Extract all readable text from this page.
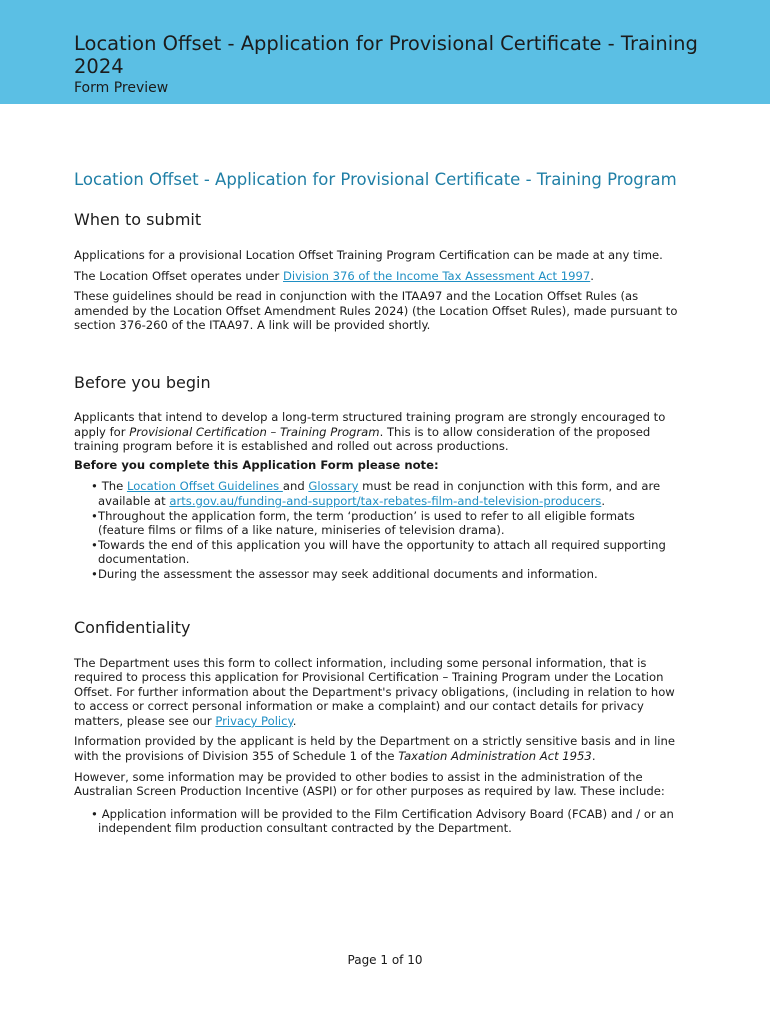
Location Offset - Application for Provisional Certificate - Training 2024
Form Preview
Location Offset - Application for Provisional Certificate - Training Program
When to submit

Applications for a provisional Location Offset Training Program Certification can be made at any time.

The Location Offset operates under Division 376 of the Income Tax Assessment Act 1997.

These guidelines should be read in conjunction with the ITAA97 and the Location Offset Rules (as amended by the Location Offset Amendment Rules 2024) (the Location Offset Rules), made pursuant to section 376-260 of the ITAA97. A link will be provided shortly.

Before you begin

Applicants that intend to develop a long-term structured training program are strongly encouraged to apply for Provisional Certification – Training Program. This is to allow consideration of the proposed training program before it is established and rolled out across productions.

Before you complete this Application Form please note:

• The Location Offset Guidelines and Glossary must be read in conjunction with this form, and are available at arts.gov.au/funding-and-support/tax-rebates-film-and-television-producers.
•Throughout the application form, the term ‘production’ is used to refer to all eligible formats (feature films or films of a like nature, miniseries of television drama).
•Towards the end of this application you will have the opportunity to attach all required supporting documentation.
•During the assessment the assessor may seek additional documents and information.
Confidentiality

The Department uses this form to collect information, including some personal information, that is required to process this application for Provisional Certification – Training Program under the Location Offset. For further information about the Department's privacy obligations, (including in relation to how to access or correct personal information or make a complaint) and our contact details for privacy matters, please see our Privacy Policy.

Information provided by the applicant is held by the Department on a strictly sensitive basis and in line with the provisions of Division 355 of Schedule 1 of the Taxation Administration Act 1953.

However, some information may be provided to other bodies to assist in the administration of the Australian Screen Production Incentive (ASPI) or for other purposes as required by law. These include:

• Application information will be provided to the Film Certification Advisory Board (FCAB) and / or an independent film production consultant contracted by the Department.
Page 1 of 10
